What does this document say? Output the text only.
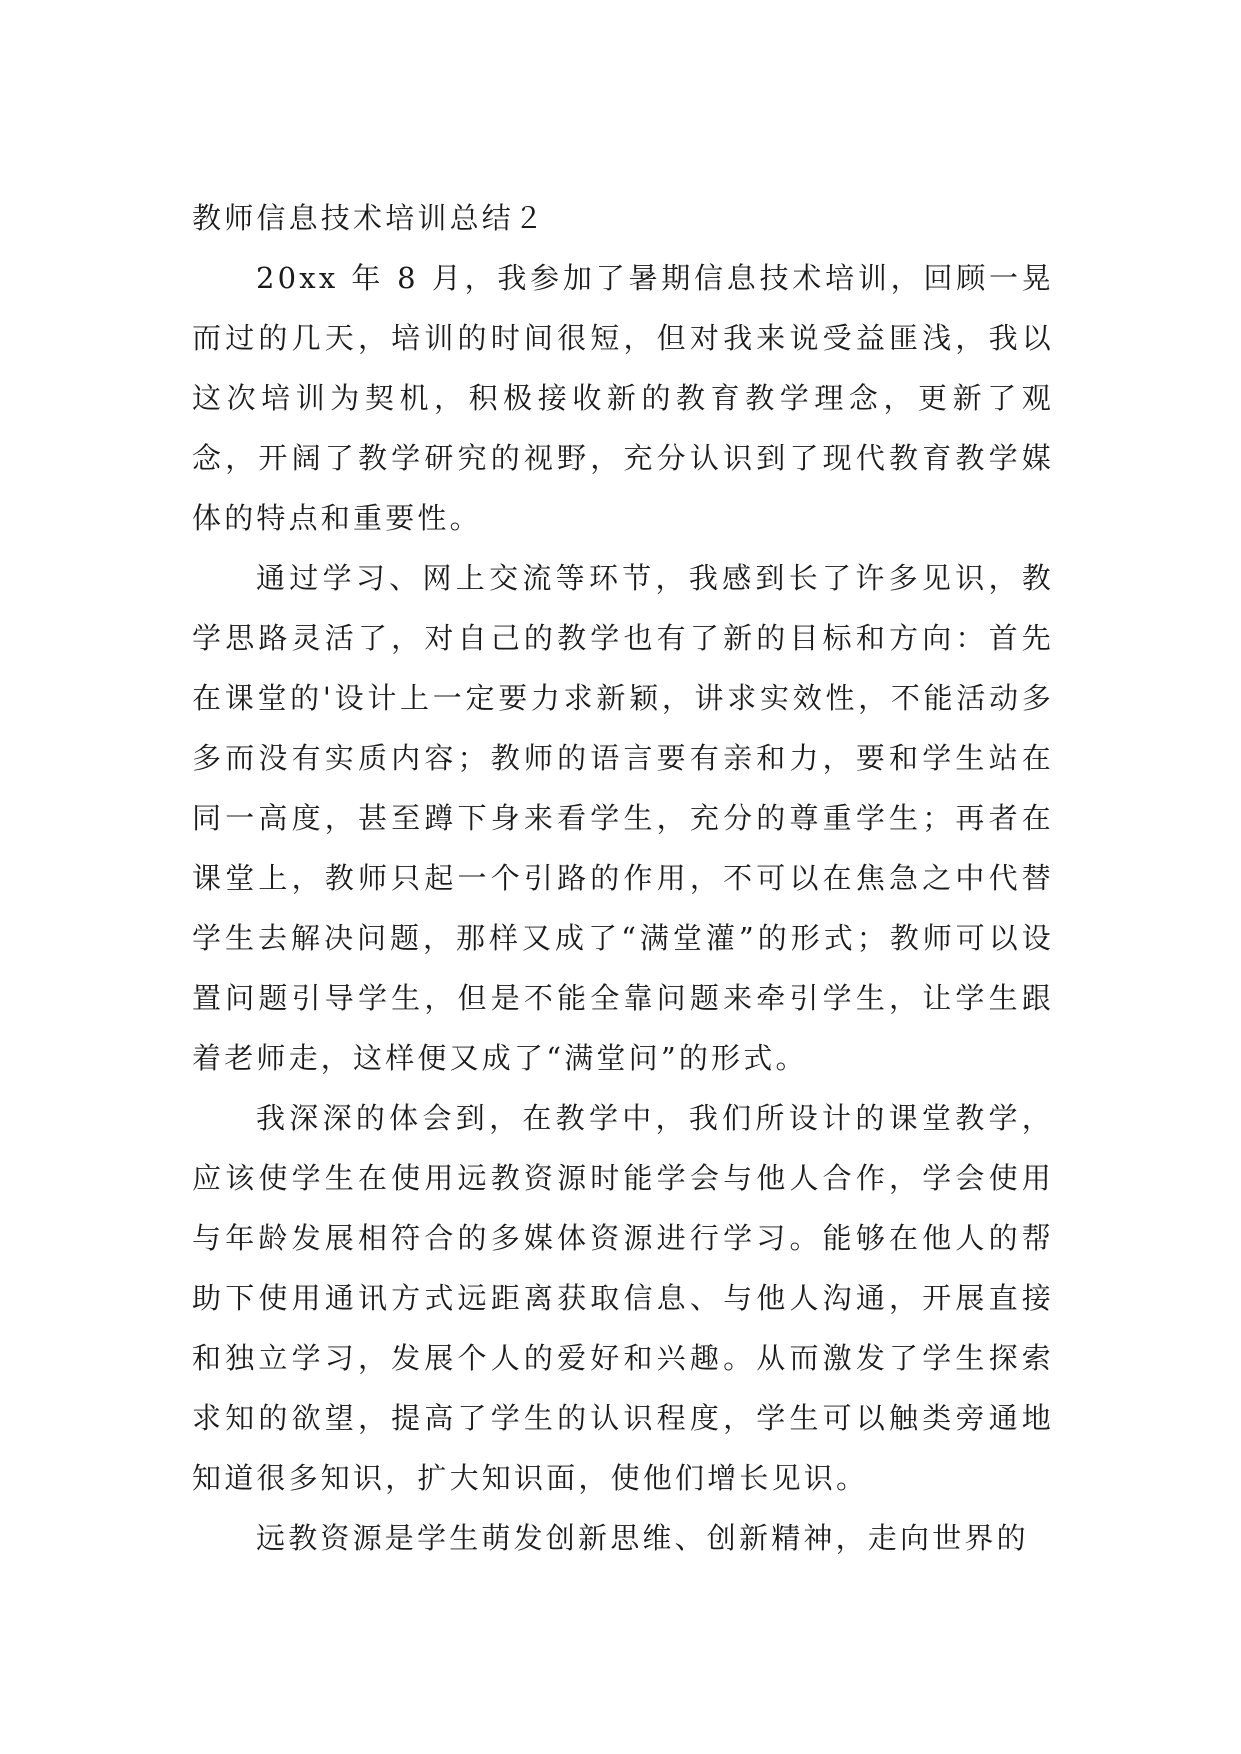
教师信息技术培训总结２

20xx 年 8 月，我参加了暑期信息技术培训，回顾一晃而过的几天，培训的时间很短，但对我来说受益匪浅，我以这次培训为契机，积极接收新的教育教学理念，更新了观念，开阔了教学研究的视野，充分认识到了现代教育教学媒体的特点和重要性。

通过学习、网上交流等环节，我感到长了许多见识，教学思路灵活了，对自己的教学也有了新的目标和方向：首先在课堂的'设计上一定要力求新颖，讲求实效性，不能活动多多而没有实质内容；教师的语言要有亲和力，要和学生站在同一高度，甚至蹲下身来看学生，充分的尊重学生；再者在课堂上，教师只起一个引路的作用，不可以在焦急之中代替学生去解决问题，那样又成了“满堂灌”的形式；教师可以设置问题引导学生，但是不能全靠问题来牵引学生，让学生跟着老师走，这样便又成了“满堂问”的形式。

我深深的体会到，在教学中，我们所设计的课堂教学，应该使学生在使用远教资源时能学会与他人合作，学会使用与年龄发展相符合的多媒体资源进行学习。能够在他人的帮助下使用通讯方式远距离获取信息、与他人沟通，开展直接和独立学习，发展个人的爱好和兴趣。从而激发了学生探索求知的欲望，提高了学生的认识程度，学生可以触类旁通地知道很多知识，扩大知识面，使他们增长见识。

远教资源是学生萌发创新思维、创新精神，走向世界的
